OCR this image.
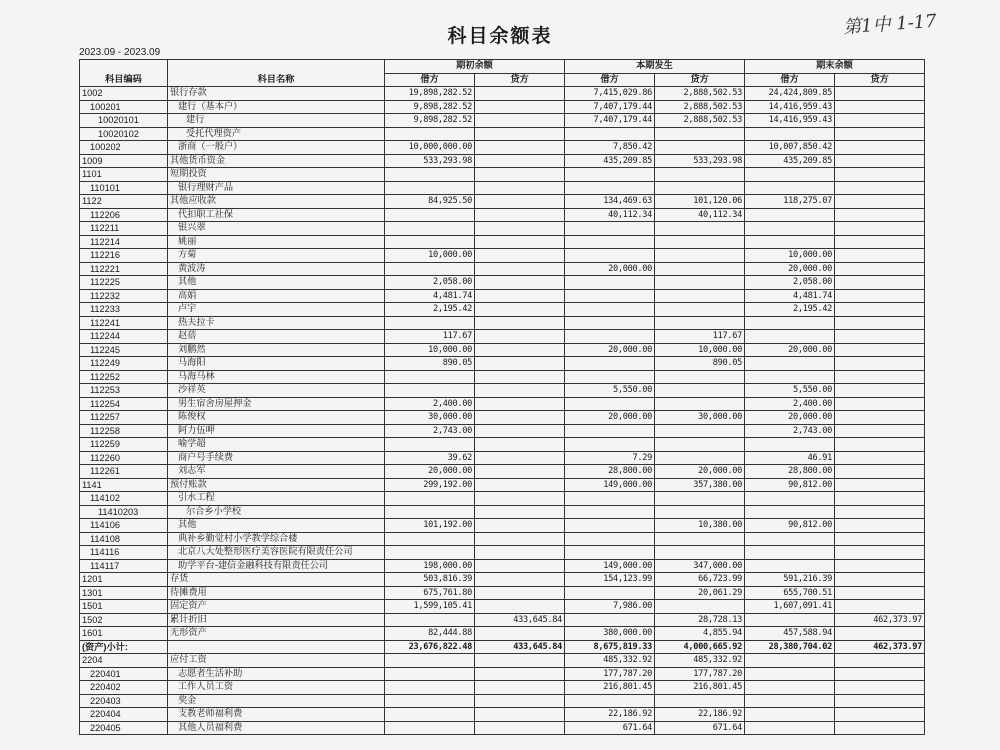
科目余额表
2023.09 - 2023.09
第1中 1-17
		期初余额		本期发生		期末余额	
科目编码	科目名称	借方	贷方	借方	贷方	借方	贷方
1002	银行存款	19,898,282.52		7,415,029.86	2,888,502.53	24,424,809.85	
100201	建行（基本户）	9,898,282.52		7,407,179.44	2,888,502.53	14,416,959.43	
10020101	建行	9,898,282.52		7,407,179.44	2,888,502.53	14,416,959.43	
10020102	受托代理资产						
100202	浙商（一般户）	10,000,000.00		7,850.42		10,007,850.42	
1009	其他货币资金	533,293.98		435,209.85	533,293.98	435,209.85	
1101	短期投资						
110101	银行理财产品						
1122	其他应收款	84,925.50		134,469.63	101,120.06	118,275.07	
112206	代扣职工社保			40,112.34	40,112.34		
112211	银兴翠						
112214	姚丽						
112216	方菊	10,000.00				10,000.00	
112221	黄波涛			20,000.00		20,000.00	
112225	其他	2,058.00				2,058.00	
112232	高娟	4,481.74				4,481.74	
112233	卢宇	2,195.42				2,195.42	
112241	热夫拉卡						
112244	赵蓓	117.67			117.67		
112245	刘鹏然	10,000.00		20,000.00	10,000.00	20,000.00	
112249	马海阳	890.05			890.05		
112252	马海马林						
112253	沙祥英			5,550.00		5,550.00	
112254	男生宿舍房屋押金	2,400.00				2,400.00	
112257	陈俊权	30,000.00		20,000.00	30,000.00	20,000.00	
112258	阿力伍呷	2,743.00				2,743.00	
112259	喻学超						
112260	商户号手续费	39.62		7.29		46.91	
112261	刘志军	20,000.00		28,800.00	20,000.00	28,800.00	
1141	预付账款	299,192.00		149,000.00	357,380.00	90,812.00	
114102	引水工程						
11410203	尔合乡小学校						
114106	其他	101,192.00			10,380.00	90,812.00	
114108	典补乡勤觉村小学教学综合楼						
114116	北京八大处整形医疗美容医院有限责任公司						
114117	助学平台-建信金融科技有限责任公司	198,000.00		149,000.00	347,000.00		
1201	存货	503,816.39		154,123.99	66,723.99	591,216.39	
1301	待摊费用	675,761.80			20,061.29	655,700.51	
1501	固定资产	1,599,105.41		7,986.00		1,607,091.41	
1502	累计折旧		433,645.84		28,728.13		462,373.97
1601	无形资产	82,444.88		380,000.00	4,855.94	457,588.94	
(资产)小计:		23,676,822.48	433,645.84	8,675,819.33	4,000,665.92	28,380,704.02	462,373.97
2204	应付工资			485,332.92	485,332.92		
220401	志愿者生活补助			177,787.20	177,787.20		
220402	工作人员工资			216,801.45	216,801.45		
220403	奖金						
220404	支教老师福利费			22,186.92	22,186.92		
220405	其他人员福利费			671.64	671.64		
